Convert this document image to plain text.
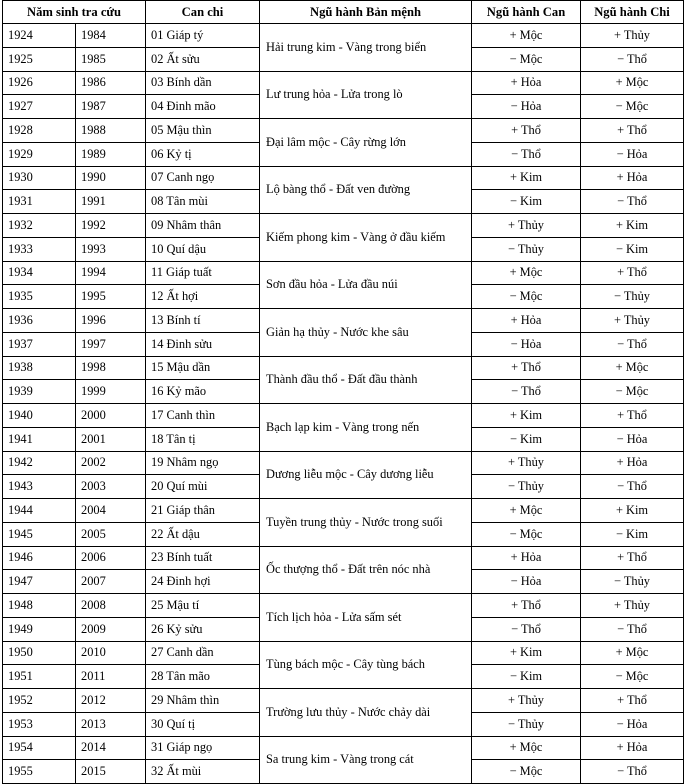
Năm sinh tra cứu		Can chi	Ngũ hành Bản mệnh	Ngũ hành Can	Ngũ hành Chi
1924	1984	01 Giáp tý	Hải trung kim - Vàng trong biển	+ Mộc	+ Thủy
1925	1985	02 Ất sửu		− Mộc	− Thổ
1926	1986	03 Bính dần	Lư trung hỏa - Lửa trong lò	+ Hỏa	+ Mộc
1927	1987	04 Đinh mão		− Hỏa	− Mộc
1928	1988	05 Mậu thìn	Đại lâm mộc - Cây rừng lớn	+ Thổ	+ Thổ
1929	1989	06 Kỷ tị		− Thổ	− Hỏa
1930	1990	07 Canh ngọ	Lộ bàng thổ - Đất ven đường	+ Kim	+ Hỏa
1931	1991	08 Tân mùi		− Kim	− Thổ
1932	1992	09 Nhâm thân	Kiếm phong kim - Vàng ở đầu kiếm	+ Thủy	+ Kim
1933	1993	10 Quí dậu		− Thủy	− Kim
1934	1994	11 Giáp tuất	Sơn đầu hỏa - Lửa đầu núi	+ Mộc	+ Thổ
1935	1995	12 Ất hợi		− Mộc	− Thủy
1936	1996	13 Bính tí	Giản hạ thủy - Nước khe sâu	+ Hỏa	+ Thủy
1937	1997	14 Đinh sửu		− Hỏa	− Thổ
1938	1998	15 Mậu dần	Thành đầu thổ - Đất đầu thành	+ Thổ	+ Mộc
1939	1999	16 Kỷ mão		− Thổ	− Mộc
1940	2000	17 Canh thìn	Bạch lạp kim - Vàng trong nến	+ Kim	+ Thổ
1941	2001	18 Tân tị		− Kim	− Hỏa
1942	2002	19 Nhâm ngọ	Dương liễu mộc - Cây dương liễu	+ Thủy	+ Hỏa
1943	2003	20 Quí mùi		− Thủy	− Thổ
1944	2004	21 Giáp thân	Tuyền trung thủy - Nước trong suối	+ Mộc	+ Kim
1945	2005	22 Ất dậu		− Mộc	− Kim
1946	2006	23 Bính tuất	Ốc thượng thổ - Đất trên nóc nhà	+ Hỏa	+ Thổ
1947	2007	24 Đinh hợi		− Hỏa	− Thủy
1948	2008	25 Mậu tí	Tích lịch hỏa - Lửa sấm sét	+ Thổ	+ Thủy
1949	2009	26 Kỷ sửu		− Thổ	− Thổ
1950	2010	27 Canh dần	Tùng bách mộc - Cây tùng bách	+ Kim	+ Mộc
1951	2011	28 Tân mão		− Kim	− Mộc
1952	2012	29 Nhâm thìn	Trường lưu thủy - Nước chảy dài	+ Thủy	+ Thổ
1953	2013	30 Quí tị		− Thủy	− Hỏa
1954	2014	31 Giáp ngọ	Sa trung kim - Vàng trong cát	+ Mộc	+ Hỏa
1955	2015	32 Ất mùi		− Mộc	− Thổ
